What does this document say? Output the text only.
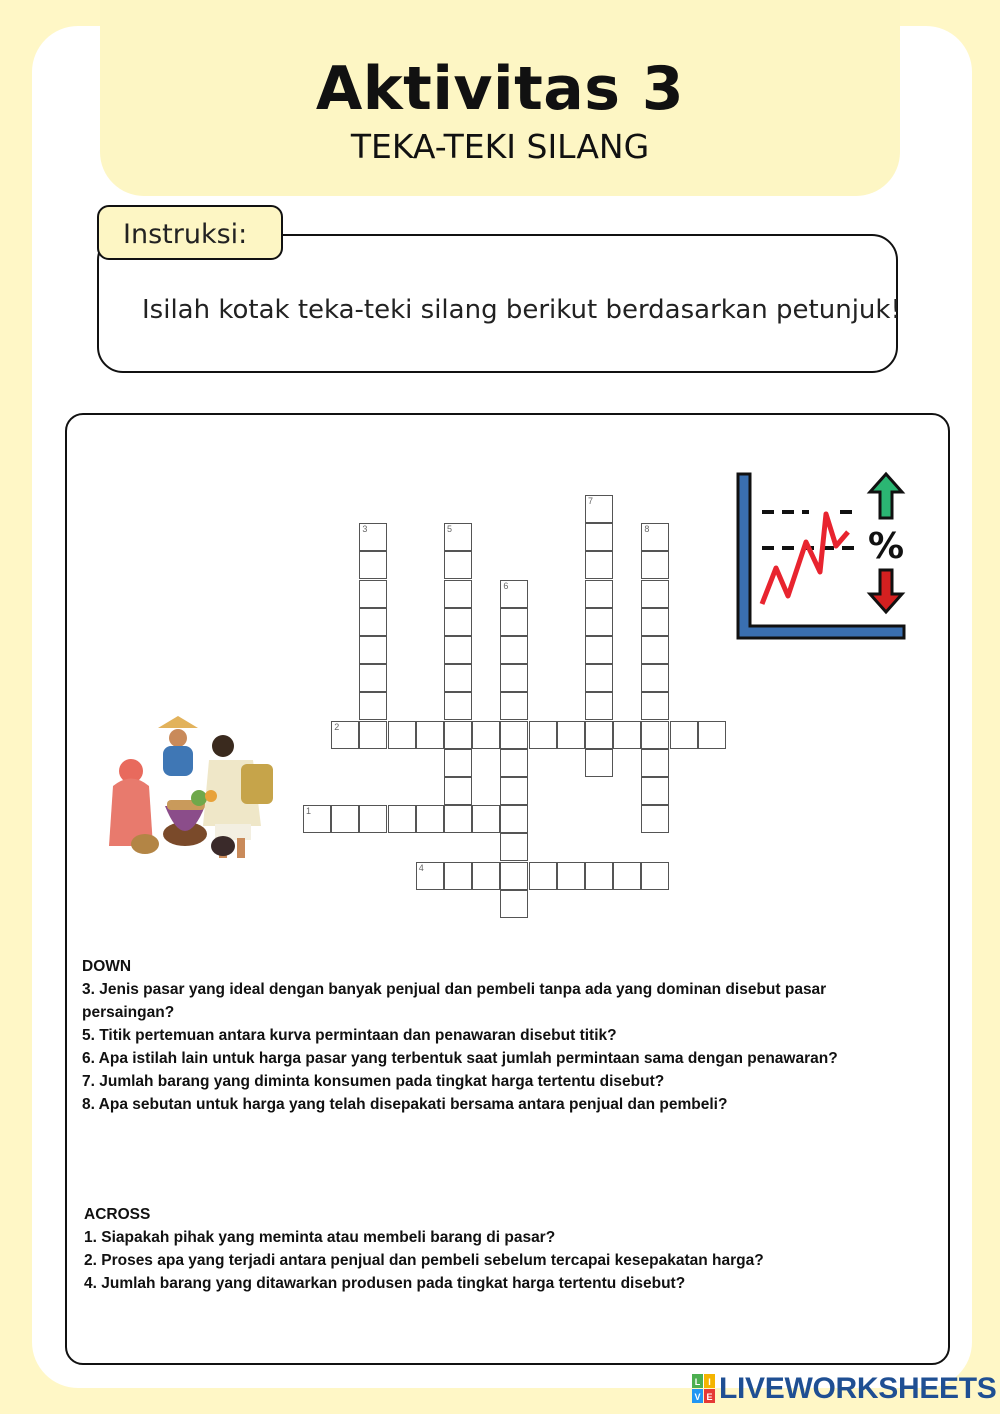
Aktivitas 3
TEKA-TEKI SILANG
Instruksi:
Isilah kotak teka-teki silang berikut berdasarkan petunjuk!
1
2
3
4
5
6
7
8	%
DOWN
3. Jenis pasar yang ideal dengan banyak penjual dan pembeli tanpa ada yang dominan disebut pasar persaingan?
5. Titik pertemuan antara kurva permintaan dan penawaran disebut titik?
6. Apa istilah lain untuk harga pasar yang terbentuk saat jumlah permintaan sama dengan penawaran?
7. Jumlah barang yang diminta konsumen pada tingkat harga tertentu disebut?
8. Apa sebutan untuk harga yang telah disepakati bersama antara penjual dan pembeli?
ACROSS
1. Siapakah pihak yang meminta atau membeli barang di pasar?
2. Proses apa yang terjadi antara penjual dan pembeli sebelum tercapai kesepakatan harga?
4. Jumlah barang yang ditawarkan produsen pada tingkat harga tertentu disebut?
L I
V E LIVEWORKSHEETS
